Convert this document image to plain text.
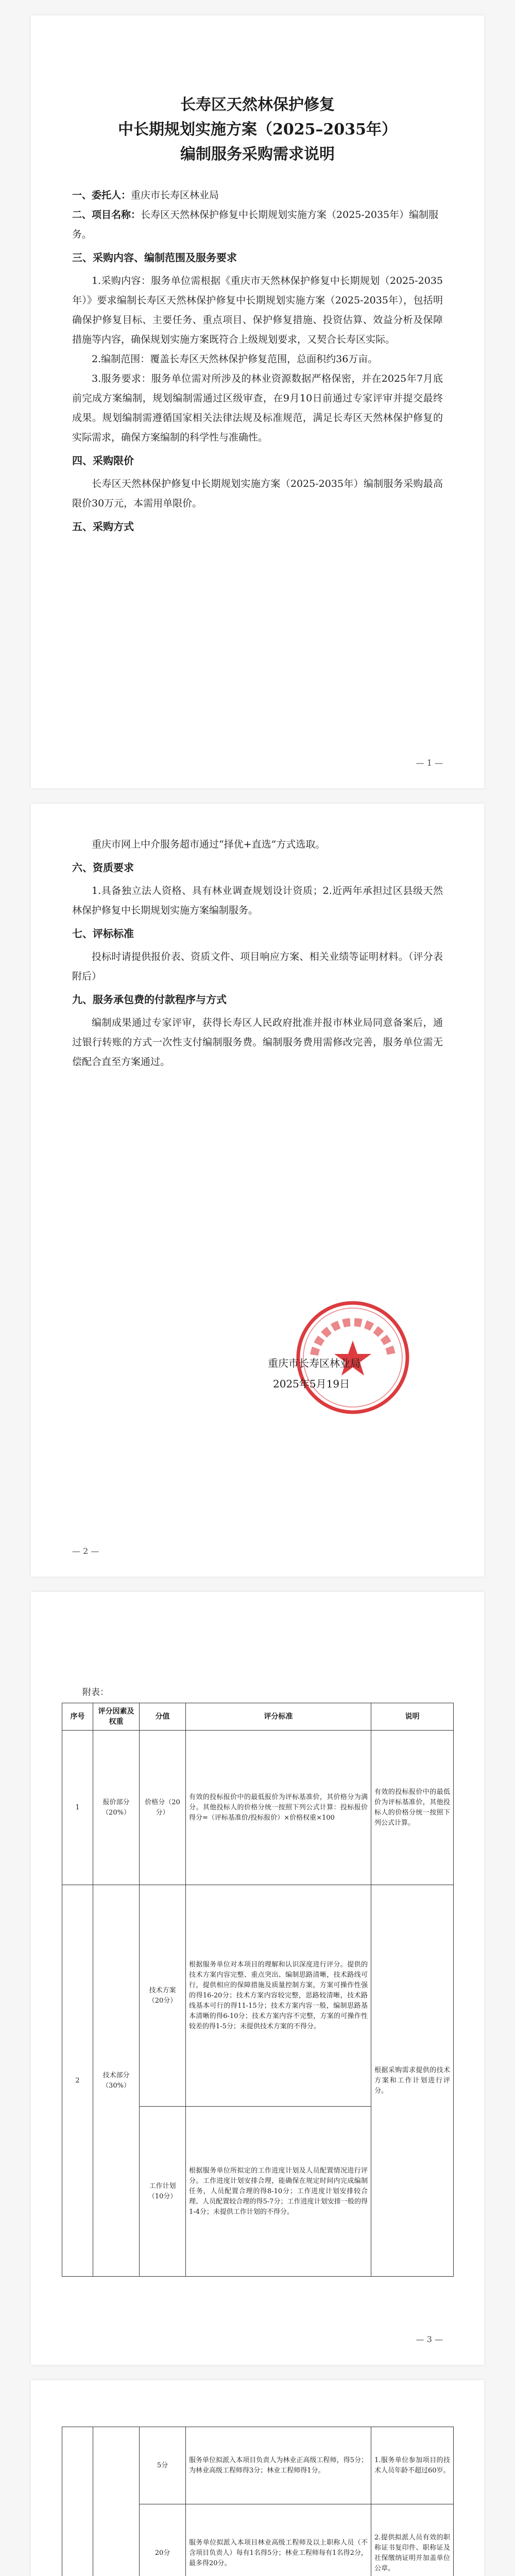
长寿区天然林保护修复
中长期规划实施方案（2025–2035年）
编制服务采购需求说明

一、委托人：重庆市长寿区林业局

二、项目名称：长寿区天然林保护修复中长期规划实施方案（2025-2035年）编制服务。

三、采购内容、编制范围及服务要求

1.采购内容：服务单位需根据《重庆市天然林保护修复中长期规划（2025-2035年）》要求编制长寿区天然林保护修复中长期规划实施方案（2025-2035年），包括明确保护修复目标、主要任务、重点项目、保护修复措施、投资估算、效益分析及保障措施等内容，确保规划实施方案既符合上级规划要求，又契合长寿区实际。

2.编制范围：覆盖长寿区天然林保护修复范围，总面积约36万亩。

3.服务要求：服务单位需对所涉及的林业资源数据严格保密，并在2025年7月底前完成方案编制，规划编制需通过区级审查，在9月10日前通过专家评审并提交最终成果。规划编制需遵循国家相关法律法规及标准规范，满足长寿区天然林保护修复的实际需求，确保方案编制的科学性与准确性。

四、采购限价

长寿区天然林保护修复中长期规划实施方案（2025-2035年）编制服务采购最高限价30万元，本需用单限价。

五、采购方式
— 1 —

重庆市网上中介服务超市通过“择优+直选”方式选取。

六、资质要求

1.具备独立法人资格、具有林业调查规划设计资质；2.近两年承担过区县级天然林保护修复中长期规划实施方案编制服务。

七、评标标准

投标时请提供报价表、资质文件、项目响应方案、相关业绩等证明材料。（评分表附后）

九、服务承包费的付款程序与方式

编制成果通过专家评审，获得长寿区人民政府批准并报市林业局同意备案后，通过银行转账的方式一次性支付编制服务费。编制服务费用需修改完善，服务单位需无偿配合直至方案通过。

重庆市长寿区林业局
2025年5月19日
— 2 —

附表：

序号	评分因素及权重	分值	评分标准	说明
1	报价部分（20%）	价格分（20分）	有效的投标报价中的最低报价为评标基准价，其价格分为满分。其他投标人的价格分统一按照下列公式计算：投标报价得分=（评标基准价/投标报价）×价格权重×100	有效的投标报价中的最低价为评标基准价，其他投标人的价格分统一按照下列公式计算。
2	技术部分（30%）	技术方案（20分）	根据服务单位对本项目的理解和认识深度进行评分。提供的技术方案内容完整、重点突出、编制思路清晰，技术路线可行，提供相应的保障措施及质量控制方案，方案可操作性强的得16-20分；技术方案内容较完整，思路较清晰，技术路线基本可行的得11-15分；技术方案内容一般，编制思路基本清晰的得6-10分；技术方案内容不完整，方案的可操作性较差的得1-5分；未提供技术方案的不得分。	根据采购需求提供的技术方案和工作计划进行评分。
		工作计划（10分）	根据服务单位所拟定的工作进度计划及人员配置情况进行评分。工作进度计划安排合理，能确保在规定时间内完成编制任务，人员配置合理的得8-10分；工作进度计划安排较合理、人员配置较合理的得5-7分；工作进度计划安排一般的得1-4分；未提供工作计划的不得分。	
— 3 —
		5分	服务单位拟派入本项目负责人为林业正高级工程师，得5分；为林业高级工程师得3分；林业工程师得1分。	1.服务单位参加项目的技术人员年龄不超过60岁。
		20分	服务单位拟派入本项目林业高级工程师及以上职称人员（不含项目负责人）每有1名得5分；林业工程师每有1名得2分，最多得20分。	2.提供拟派人员有效的职称证书复印件、职称证及社保缴纳证明并加盖单位公章。
